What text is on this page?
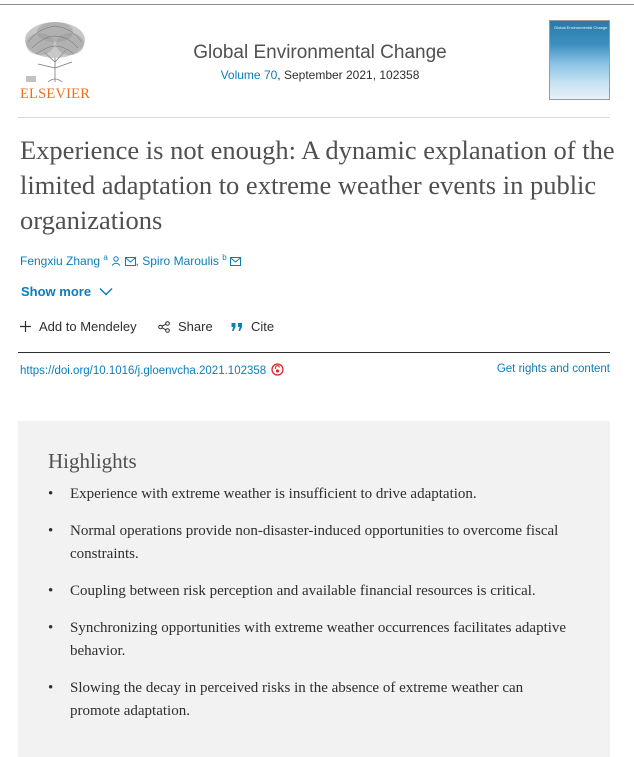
ELSEVIER
Global Environmental Change
Volume 70, September 2021, 102358
Global Environmental Change
Experience is not enough: A dynamic explanation of the limited adaptation to extreme weather events in public organizations
Fengxiu Zhang $^a$ , Spiro Maroulis $^b$
Show more
Add to Mendeley	Share	Cite
https://doi.org/10.1016/j.gloenvcha.2021.102358	Get rights and content
Highlights
• Experience with extreme weather is insufficient to drive adaptation.
• Normal operations provide non-disaster-induced opportunities to overcome fiscal constraints.
• Coupling between risk perception and available financial resources is critical.
• Synchronizing opportunities with extreme weather occurrences facilitates adaptive behavior.
• Slowing the decay in perceived risks in the absence of extreme weather can promote adaptation.
